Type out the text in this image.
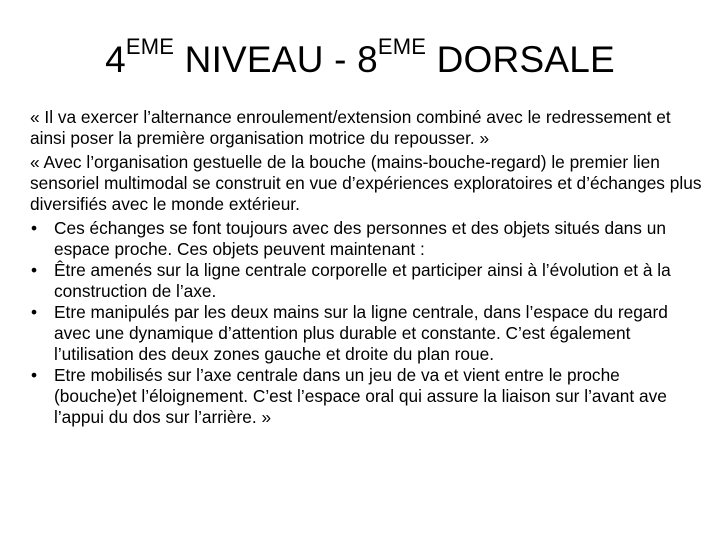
4EME NIVEAU - 8EME DORSALE

« Il va exercer l’alternance enroulement/extension combiné avec le redressement et ainsi poser la première organisation motrice du repousser. »

« Avec l’organisation gestuelle de la bouche (mains-bouche-regard) le premier lien sensoriel multimodal se construit en vue d’expériences exploratoires et d’échanges plus diversifiés avec le monde extérieur.

• Ces échanges se font toujours avec des personnes et des objets situés dans un espace proche. Ces objets peuvent maintenant :
• Être amenés sur la ligne centrale corporelle et participer ainsi à l’évolution et à la construction de l’axe.
• Etre manipulés par les deux mains sur la ligne centrale, dans l’espace du regard avec une dynamique d’attention plus durable et constante. C’est également l’utilisation des deux zones gauche et droite du plan roue.
• Etre mobilisés sur l’axe centrale dans un jeu de va et vient entre le proche (bouche)et l’éloignement. C’est l’espace oral qui assure la liaison sur l’avant ave l’appui du dos sur l’arrière. »
